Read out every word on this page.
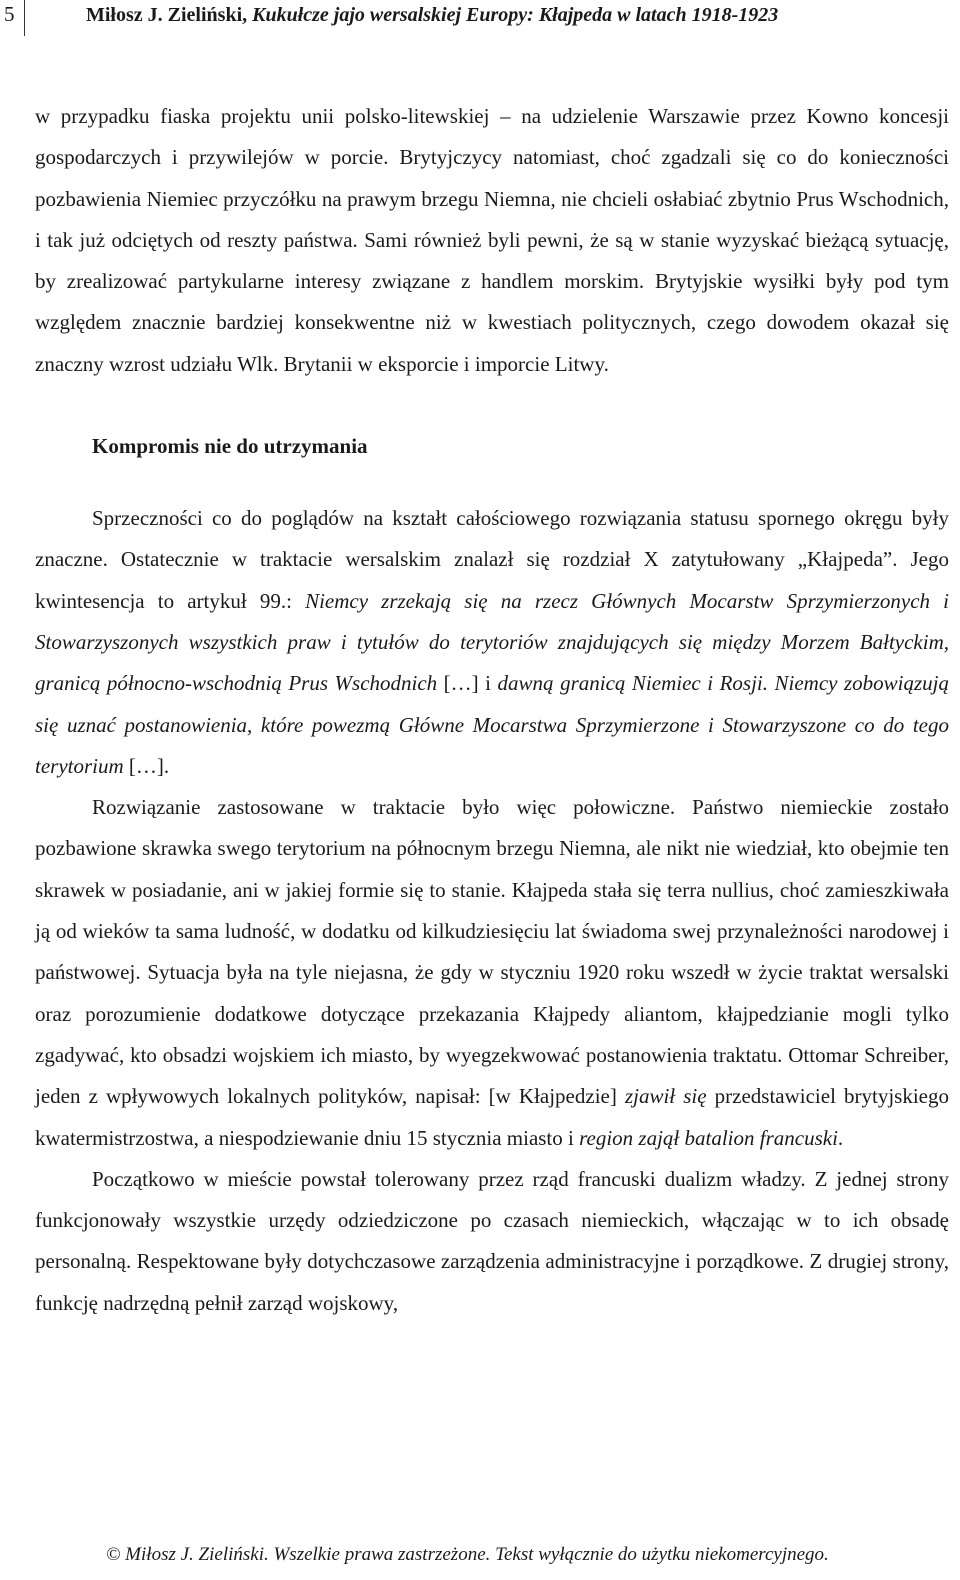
5	Miłosz J. Zieliński, Kukułcze jajo wersalskiej Europy: Kłajpeda w latach 1918-1923

w przypadku fiaska projektu unii polsko-litewskiej – na udzielenie Warszawie przez Kowno koncesji gospodarczych i przywilejów w porcie. Brytyjczycy natomiast, choć zgadzali się co do konieczności pozbawienia Niemiec przyczółku na prawym brzegu Niemna, nie chcieli osłabiać zbytnio Prus Wschodnich, i tak już odciętych od reszty państwa. Sami również byli pewni, że są w stanie wyzyskać bieżącą sytuację, by zrealizować partykularne interesy związane z handlem morskim. Brytyjskie wysiłki były pod tym względem znacznie bardziej konsekwentne niż w kwestiach politycznych, czego dowodem okazał się znaczny wzrost udziału Wlk. Brytanii w eksporcie i imporcie Litwy.

Kompromis nie do utrzymania

Sprzeczności co do poglądów na kształt całościowego rozwiązania statusu spornego okręgu były znaczne. Ostatecznie w traktacie wersalskim znalazł się rozdział X zatytułowany „Kłajpeda”. Jego kwintesencja to artykuł 99.: Niemcy zrzekają się na rzecz Głównych Mocarstw Sprzymierzonych i Stowarzyszonych wszystkich praw i tytułów do terytoriów znajdujących się między Morzem Bałtyckim, granicą północno-wschodnią Prus Wschodnich […] i dawną granicą Niemiec i Rosji. Niemcy zobowiązują się uznać postanowienia, które powezmą Główne Mocarstwa Sprzymierzone i Stowarzyszone co do tego terytorium […].

Rozwiązanie zastosowane w traktacie było więc połowiczne. Państwo niemieckie zostało pozbawione skrawka swego terytorium na północnym brzegu Niemna, ale nikt nie wiedział, kto obejmie ten skrawek w posiadanie, ani w jakiej formie się to stanie. Kłajpeda stała się terra nullius, choć zamieszkiwała ją od wieków ta sama ludność, w dodatku od kilkudziesięciu lat świadoma swej przynależności narodowej i państwowej. Sytuacja była na tyle niejasna, że gdy w styczniu 1920 roku wszedł w życie traktat wersalski oraz porozumienie dodatkowe dotyczące przekazania Kłajpedy aliantom, kłajpedzianie mogli tylko zgadywać, kto obsadzi wojskiem ich miasto, by wyegzekwować postanowienia traktatu. Ottomar Schreiber, jeden z wpływowych lokalnych polityków, napisał: [w Kłajpedzie] zjawił się przedstawiciel brytyjskiego kwatermistrzostwa, a niespodziewanie dniu 15 stycznia miasto i region zajął batalion francuski.

Początkowo w mieście powstał tolerowany przez rząd francuski dualizm władzy. Z jednej strony funkcjonowały wszystkie urzędy odziedziczone po czasach niemieckich, włączając w to ich obsadę personalną. Respektowane były dotychczasowe zarządzenia administracyjne i porządkowe. Z drugiej strony, funkcję nadrzędną pełnił zarząd wojskowy,

© Miłosz J. Zieliński. Wszelkie prawa zastrzeżone. Tekst wyłącznie do użytku niekomercyjnego.
